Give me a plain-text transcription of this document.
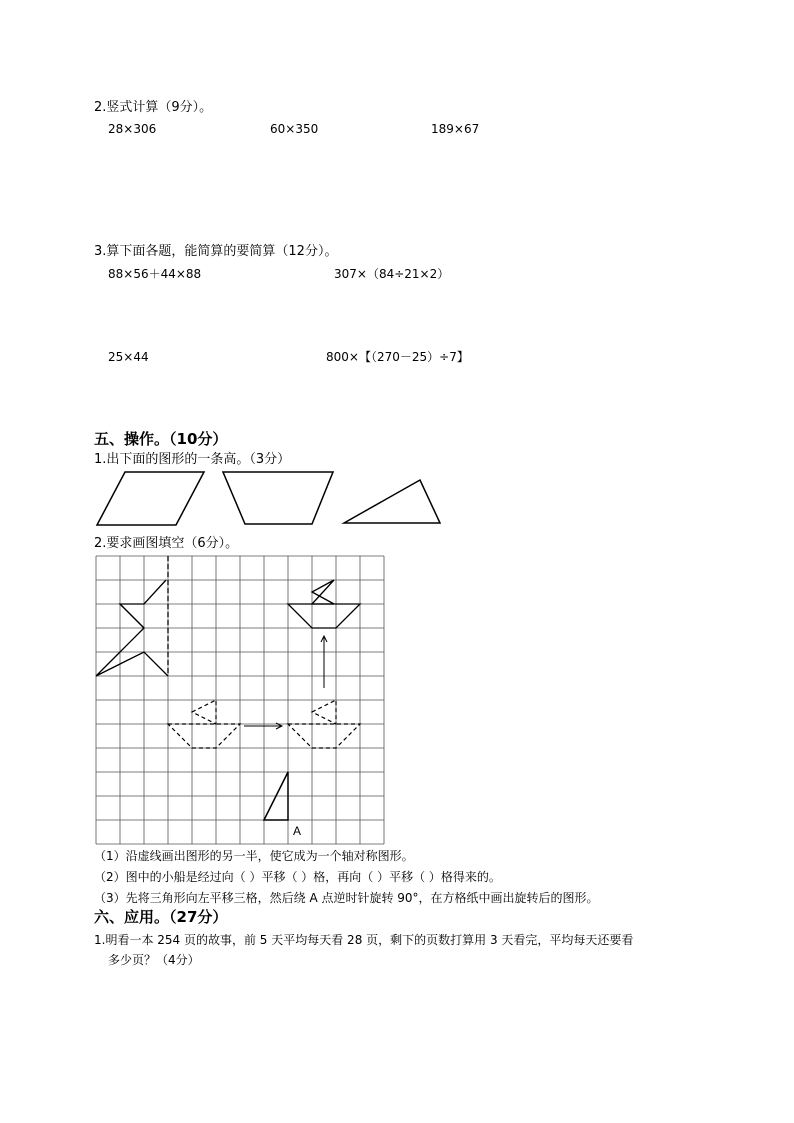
2.竖式计算（9分）。
28×306	60×350	189×67
3.算下面各题，能简算的要简算（12分）。
88×56＋44×88	307×（84÷21×2）
25×44	800×【（270－25）÷7】
五、操作。（10分）
1.出下面的图形的一条高。（3分）
2.要求画图填空（6分）。
A
（1）沿虚线画出图形的另一半，使它成为一个轴对称图形。
（2）图中的小船是经过向（ ）平移（ ）格，再向（ ）平移（ ）格得来的。
（3）先将三角形向左平移三格，然后绕 A 点逆时针旋转 90°，在方格纸中画出旋转后的图形。
六、应用。（27分）
1.明看一本 254 页的故事，前 5 天平均每天看 28 页，剩下的页数打算用 3 天看完，平均每天还要看
多少页？（4分）
